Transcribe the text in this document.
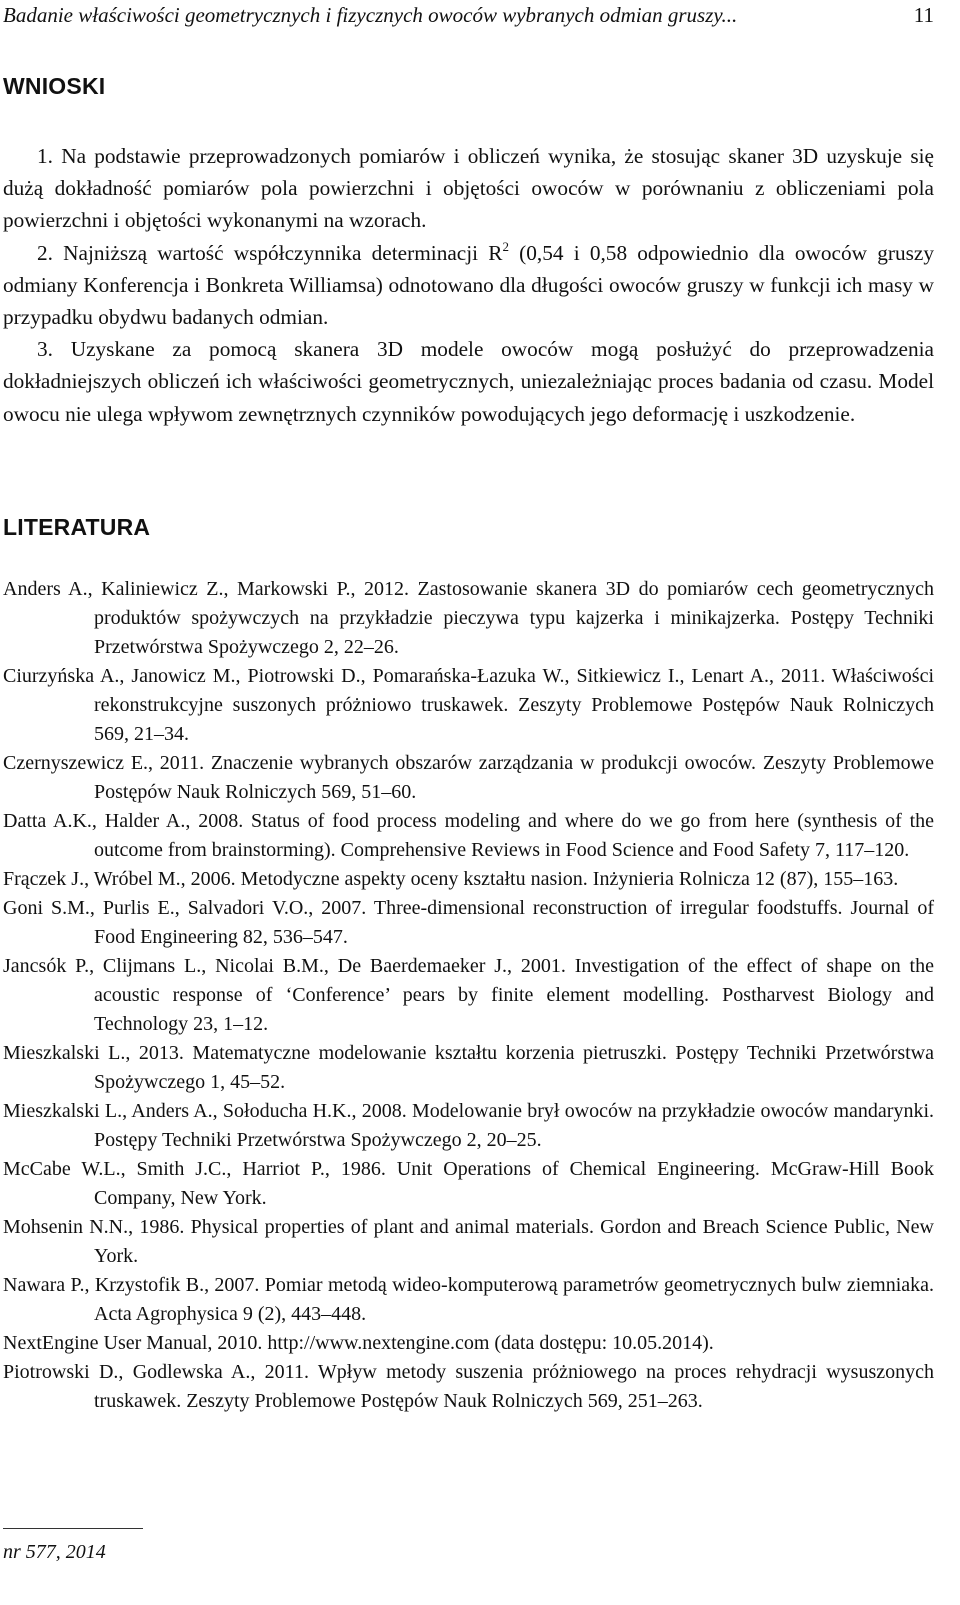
Badanie właściwości geometrycznych i fizycznych owoców wybranych odmian gruszy...	11
WNIOSKI

1. Na podstawie przeprowadzonych pomiarów i obliczeń wynika, że stosując skaner 3D uzyskuje się dużą dokładność pomiarów pola powierzchni i objętości owoców w porównaniu z obliczeniami pola powierzchni i objętości wykonanymi na wzorach.

2. Najniższą wartość współczynnika determinacji $R^2$ (0,54 i 0,58 odpowiednio dla owoców gruszy odmiany Konferencja i Bonkreta Williamsa) odnotowano dla długości owoców gruszy w funkcji ich masy w przypadku obydwu badanych odmian.

3. Uzyskane za pomocą skanera 3D modele owoców mogą posłużyć do przeprowadzenia dokładniejszych obliczeń ich właściwości geometrycznych, uniezależniając proces badania od czasu. Model owocu nie ulega wpływom zewnętrznych czynników powodujących jego deformację i uszkodzenie.

LITERATURA
Anders A., Kaliniewicz Z., Markowski P., 2012. Zastosowanie skanera 3D do pomiarów cech geometrycznych produktów spożywczych na przykładzie pieczywa typu kajzerka i minikajzerka. Postępy Techniki Przetwórstwa Spożywczego 2, 22–26.
Ciurzyńska A., Janowicz M., Piotrowski D., Pomarańska-Łazuka W., Sitkiewicz I., Lenart A., 2011. Właściwości rekonstrukcyjne suszonych próżniowo truskawek. Zeszyty Problemowe Postępów Nauk Rolniczych 569, 21–34.
Czernyszewicz E., 2011. Znaczenie wybranych obszarów zarządzania w produkcji owoców. Zeszyty Problemowe Postępów Nauk Rolniczych 569, 51–60.
Datta A.K., Halder A., 2008. Status of food process modeling and where do we go from here (synthesis of the outcome from brainstorming). Comprehensive Reviews in Food Science and Food Safety 7, 117–120.
Frączek J., Wróbel M., 2006. Metodyczne aspekty oceny kształtu nasion. Inżynieria Rolnicza 12 (87), 155–163.
Goni S.M., Purlis E., Salvadori V.O., 2007. Three-dimensional reconstruction of irregular foodstuffs. Journal of Food Engineering 82, 536–547.
Jancsók P., Clijmans L., Nicolai B.M., De Baerdemaeker J., 2001. Investigation of the effect of shape on the acoustic response of ‘Conference’ pears by finite element modelling. Postharvest Biology and Technology 23, 1–12.
Mieszkalski L., 2013. Matematyczne modelowanie kształtu korzenia pietruszki. Postępy Techniki Przetwórstwa Spożywczego 1, 45–52.
Mieszkalski L., Anders A., Sołoducha H.K., 2008. Modelowanie brył owoców na przykładzie owoców mandarynki. Postępy Techniki Przetwórstwa Spożywczego 2, 20–25.
McCabe W.L., Smith J.C., Harriot P., 1986. Unit Operations of Chemical Engineering. McGraw-Hill Book Company, New York.
Mohsenin N.N., 1986. Physical properties of plant and animal materials. Gordon and Breach Science Public, New York.
Nawara P., Krzystofik B., 2007. Pomiar metodą wideo-komputerową parametrów geometrycznych bulw ziemniaka. Acta Agrophysica 9 (2), 443–448.
NextEngine User Manual, 2010. http://www.nextengine.com (data dostępu: 10.05.2014).
Piotrowski D., Godlewska A., 2011. Wpływ metody suszenia próżniowego na proces rehydracji wysuszonych truskawek. Zeszyty Problemowe Postępów Nauk Rolniczych 569, 251–263.
nr 577, 2014
